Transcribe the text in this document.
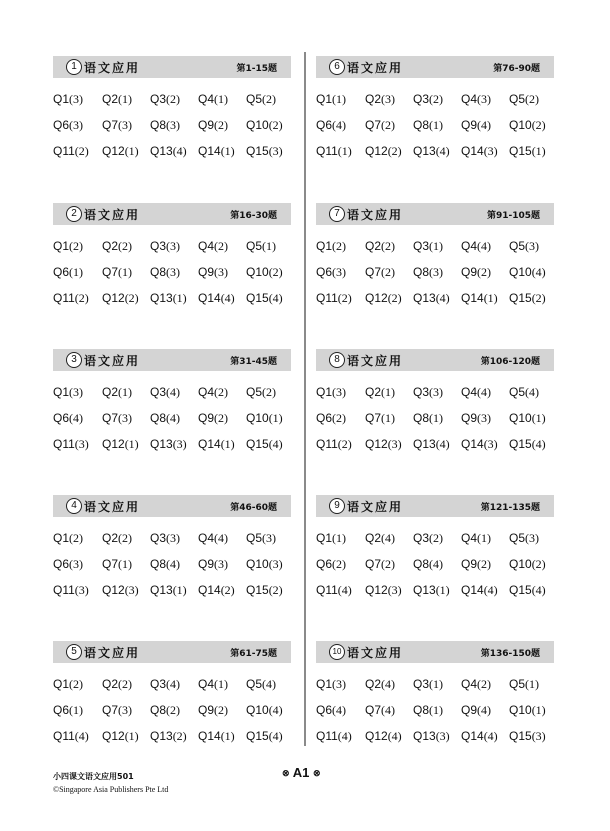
1 语文应用	第1-15题
Q1(3) Q2(1) Q3(2) Q4(1) Q5(2)
Q6(3) Q7(3) Q8(3) Q9(2) Q10(2)
Q11(2) Q12(1) Q13(4) Q14(1) Q15(3)
2 语文应用	第16-30题
Q1(2) Q2(2) Q3(3) Q4(2) Q5(1)
Q6(1) Q7(1) Q8(3) Q9(3) Q10(2)
Q11(2) Q12(2) Q13(1) Q14(4) Q15(4)
3 语文应用	第31-45题
Q1(3) Q2(1) Q3(4) Q4(2) Q5(2)
Q6(4) Q7(3) Q8(4) Q9(2) Q10(1)
Q11(3) Q12(1) Q13(3) Q14(1) Q15(4)
4 语文应用	第46-60题
Q1(2) Q2(2) Q3(3) Q4(4) Q5(3)
Q6(3) Q7(1) Q8(4) Q9(3) Q10(3)
Q11(3) Q12(3) Q13(1) Q14(2) Q15(2)
5 语文应用	第61-75题
Q1(2) Q2(2) Q3(4) Q4(1) Q5(4)
Q6(1) Q7(3) Q8(2) Q9(2) Q10(4)
Q11(4) Q12(1) Q13(2) Q14(1) Q15(4)
6 语文应用	第76-90题
Q1(1) Q2(3) Q3(2) Q4(3) Q5(2)
Q6(4) Q7(2) Q8(1) Q9(4) Q10(2)
Q11(1) Q12(2) Q13(4) Q14(3) Q15(1)
7 语文应用	第91-105题
Q1(2) Q2(2) Q3(1) Q4(4) Q5(3)
Q6(3) Q7(2) Q8(3) Q9(2) Q10(4)
Q11(2) Q12(2) Q13(4) Q14(1) Q15(2)
8 语文应用	第106-120题
Q1(3) Q2(1) Q3(3) Q4(4) Q5(4)
Q6(2) Q7(1) Q8(1) Q9(3) Q10(1)
Q11(2) Q12(3) Q13(4) Q14(3) Q15(4)
9 语文应用	第121-135题
Q1(1) Q2(4) Q3(2) Q4(1) Q5(3)
Q6(2) Q7(2) Q8(4) Q9(2) Q10(2)
Q11(4) Q12(3) Q13(1) Q14(4) Q15(4)
10 语文应用	第136-150题
Q1(3) Q2(4) Q3(1) Q4(2) Q5(1)
Q6(4) Q7(4) Q8(1) Q9(4) Q10(1)
Q11(4) Q12(4) Q13(3) Q14(4) Q15(3)
小四课文语文应用501
©Singapore Asia Publishers Pte Ltd
⊗ A1 ⊗
